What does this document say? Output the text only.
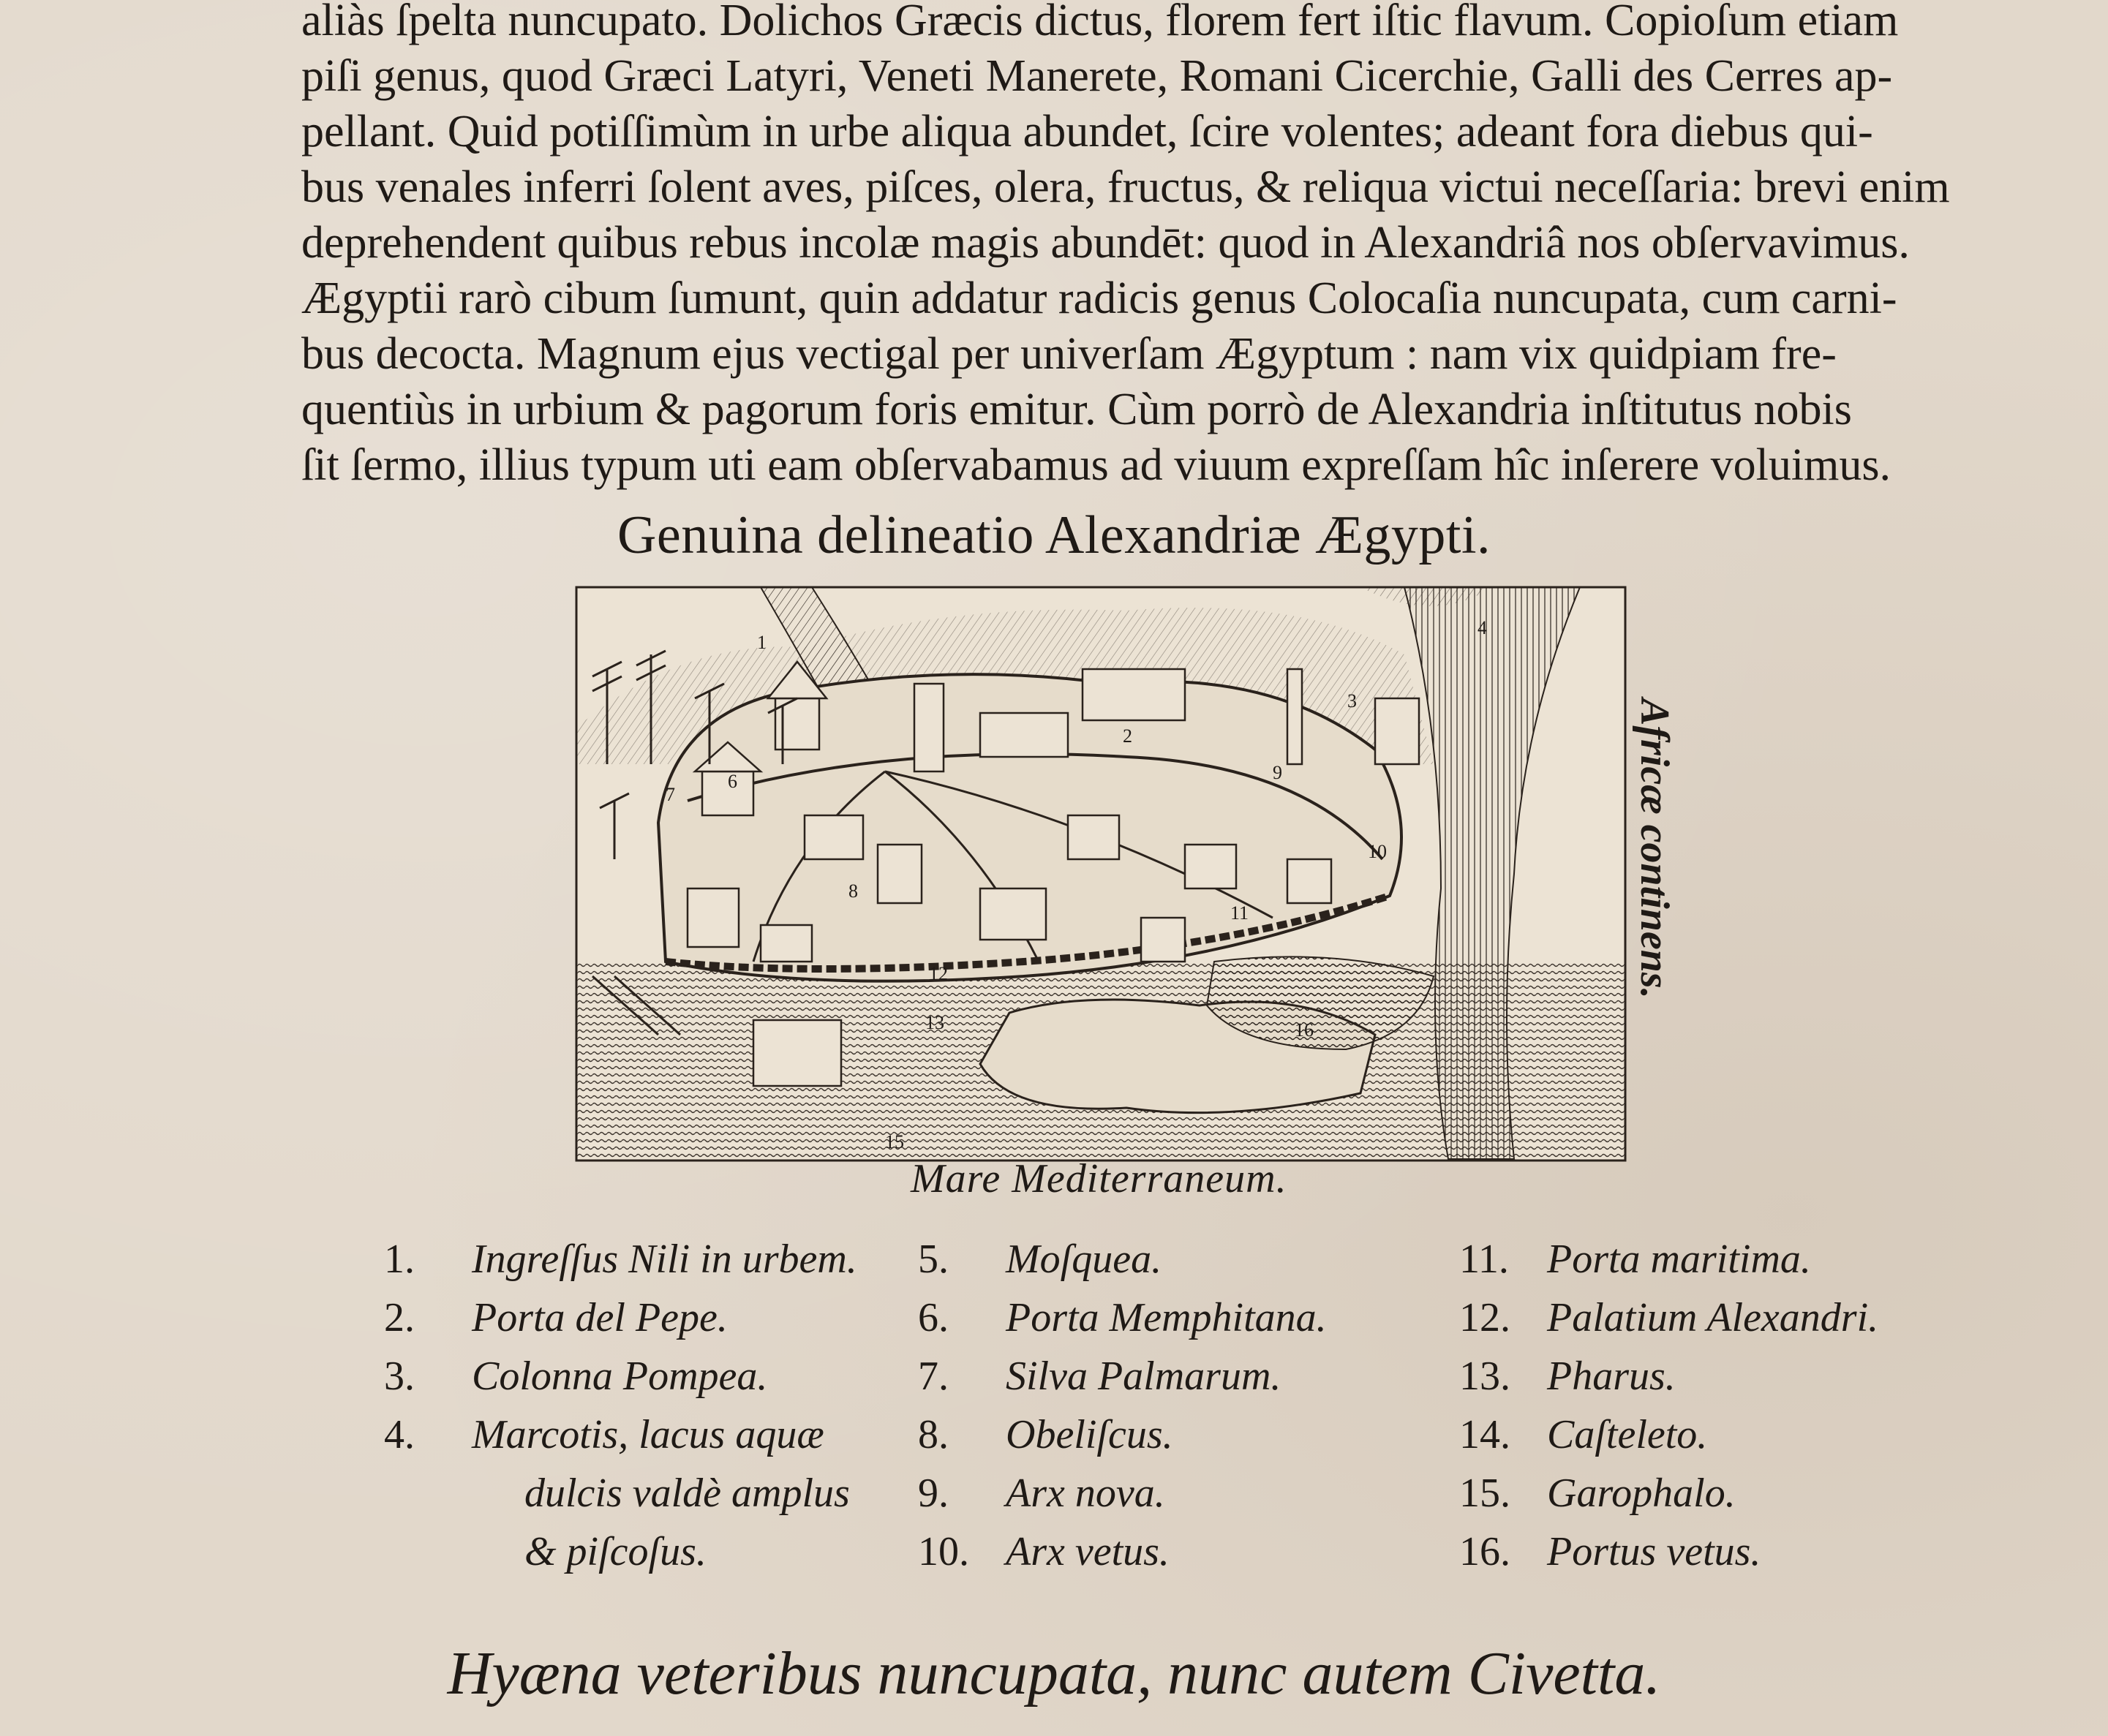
aliàs ſpelta nuncupato. Dolichos Græcis dictus, florem fert iſtic flavum. Copioſum etiam
piſi genus, quod Græci Latyri, Veneti Manerete, Romani Cicerchie, Galli des Cerres ap-
pellant. Quid potiſſimùm in urbe aliqua abundet, ſcire volentes; adeant fora diebus qui-
bus venales inferri ſolent aves, piſces, olera, fructus, & reliqua victui neceſſaria: brevi enim
deprehendent quibus rebus incolæ magis abundēt: quod in Alexandriâ nos obſervavimus.
Ægyptii rarò cibum ſumunt, quin addatur radicis genus Colocaſia nuncupata, cum carni-
bus decocta. Magnum ejus vectigal per univerſam Ægyptum : nam vix quidpiam fre-
quentiùs in urbium & pagorum foris emitur. Cùm porrò de Alexandria inſtitutus nobis
ſit ſermo, illius typum uti eam obſervabamus ad viuum expreſſam hîc inſerere voluimus.
Genuina delineatio Alexandriæ Ægypti.
1
2
3
4
6
7
8
9
10
11
12
13
15
16
Africæ continens.
Mare Mediterraneum.
1.	Ingreſſus Nili in urbem.
2.	Porta del Pepe.
3.	Colonna Pompea.
4.	Marcotis, lacus aquæ
dulcis valdè amplus
& piſcoſus.
5.	Moſquea.
6.	Porta Memphitana.
7.	Silva Palmarum.
8.	Obeliſcus.
9.	Arx nova.
10. Arx vetus.
11. Porta maritima.
12. Palatium Alexandri.
13. Pharus.
14. Caſteleto.
15. Garophalo.
16. Portus vetus.
Hyæna veteribus nuncupata, nunc autem Civetta.
